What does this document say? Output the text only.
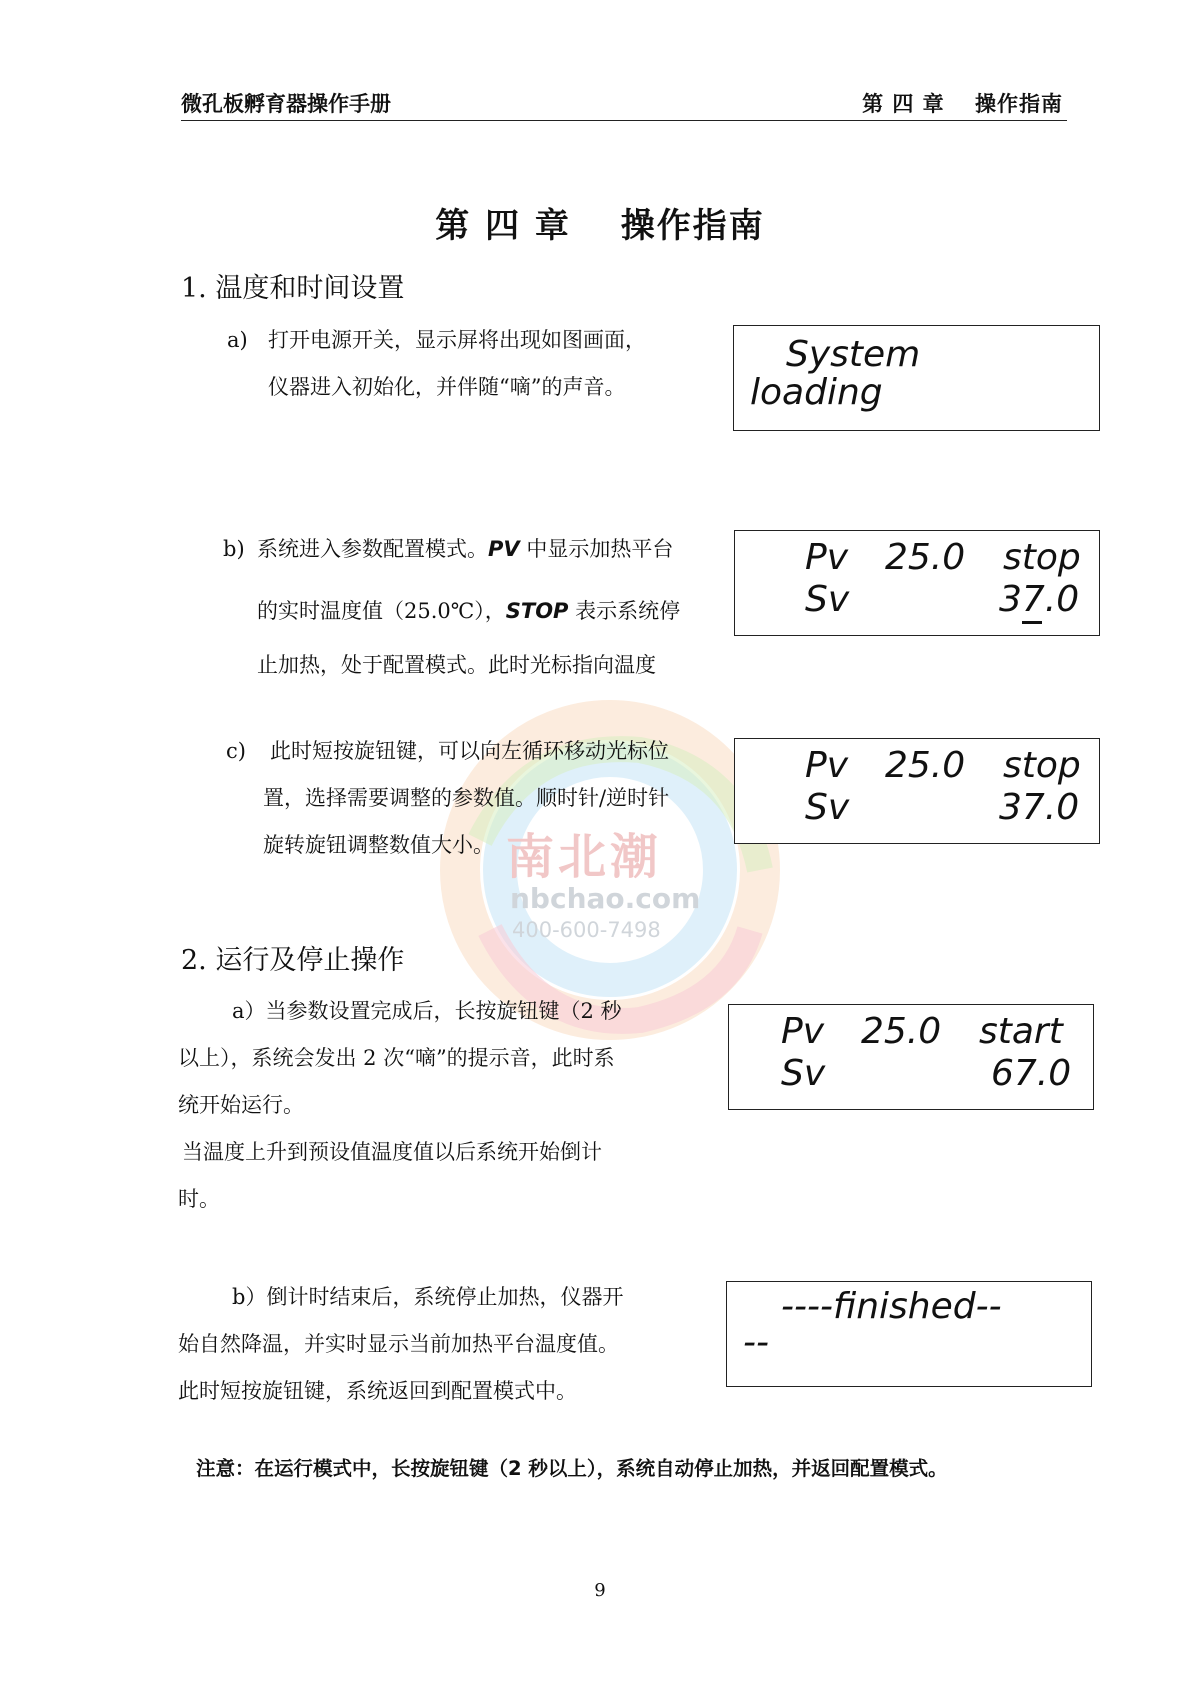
微孔板孵育器操作手册	第 四 章　 操作指南
第 四 章　 操作指南
南北潮
nbchao.com
400-600-7498
1. 温度和时间设置
a) 打开电源开关，显示屏将出现如图画面，
仪器进入初始化，并伴随“嘀”的声音。
System
loading
b) 系统进入参数配置模式。PV 中显示加热平台
的实时温度值（25.0℃），STOP 表示系统停
止加热，处于配置模式。此时光标指向温度
Pv 25.0 stop
Sv	37.0
c) 此时短按旋钮键，可以向左循环移动光标位
置，选择需要调整的参数值。顺时针/逆时针
旋转旋钮调整数值大小。
Pv 25.0 stop
Sv	37.0
2. 运行及停止操作
a）当参数设置完成后，长按旋钮键（2 秒
以上），系统会发出 2 次“嘀”的提示音，此时系
统开始运行。
当温度上升到预设值温度值以后系统开始倒计
时。
Pv 25.0 start
Sv	67.0
b）倒计时结束后，系统停止加热，仪器开
始自然降温，并实时显示当前加热平台温度值。
此时短按旋钮键，系统返回到配置模式中。
----finished--
--
注意：在运行模式中，长按旋钮键（2 秒以上），系统自动停止加热，并返回配置模式。
9
